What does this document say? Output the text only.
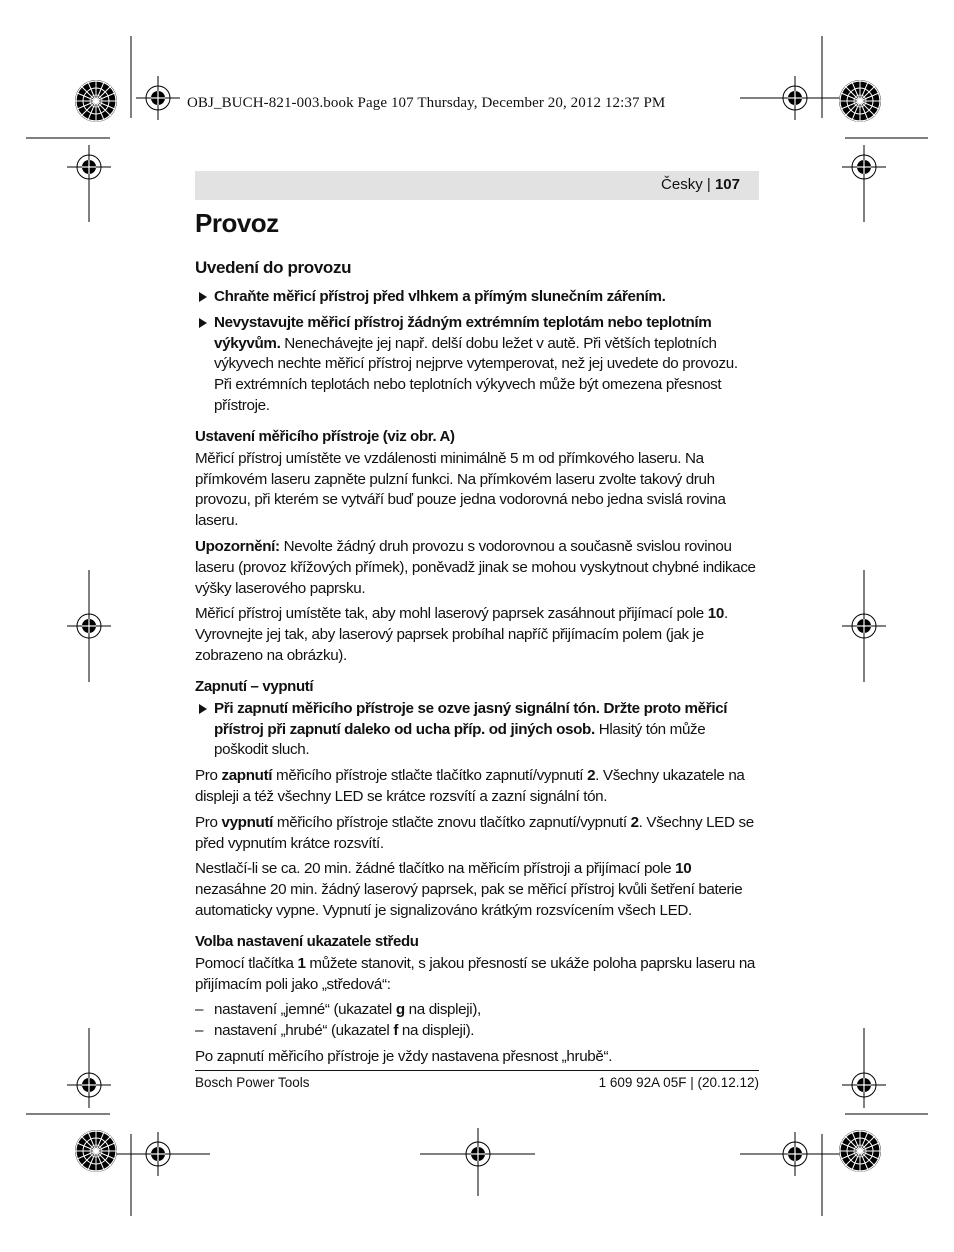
OBJ_BUCH-821-003.book Page 107 Thursday, December 20, 2012 12:37 PM
Česky | 107
Provoz
Uvedení do provozu
Chraňte měřicí přístroj před vlhkem a přímým slunečním zářením.
Nevystavujte měřicí přístroj žádným extrémním teplotám nebo teplotním výkyvům. Nenechávejte jej např. delší dobu ležet v autě. Při větších teplotních výkyvech nechte měřicí přístroj nejprve vytemperovat, než jej uvedete do provozu. Při extrémních teplotách nebo teplotních výkyvech může být omezena přesnost přístroje.
Ustavení měřicího přístroje (viz obr. A)

Měřicí přístroj umístěte ve vzdálenosti minimálně 5 m od přímkového laseru. Na přímkovém laseru zapněte pulzní funkci. Na přímkovém laseru zvolte takový druh provozu, při kterém se vytváří buď pouze jedna vodorovná nebo jedna svislá rovina laseru.

Upozornění: Nevolte žádný druh provozu s vodorovnou a současně svislou rovinou laseru (provoz křížových přímek), poněvadž jinak se mohou vyskytnout chybné indikace výšky laserového paprsku.

Měřicí přístroj umístěte tak, aby mohl laserový paprsek zasáhnout přijímací pole 10. Vyrovnejte jej tak, aby laserový paprsek probíhal napříč přijímacím polem (jak je zobrazeno na obrázku).

Zapnutí – vypnutí
Při zapnutí měřicího přístroje se ozve jasný signální tón. Držte proto měřicí přístroj při zapnutí daleko od ucha příp. od jiných osob. Hlasitý tón může poškodit sluch.

Pro zapnutí měřicího přístroje stlačte tlačítko zapnutí/vypnutí 2. Všechny ukazatele na displeji a též všechny LED se krátce rozsvítí a zazní signální tón.

Pro vypnutí měřicího přístroje stlačte znovu tlačítko zapnutí/vypnutí 2. Všechny LED se před vypnutím krátce rozsvítí.

Nestlačí-li se ca. 20 min. žádné tlačítko na měřicím přístroji a přijímací pole 10 nezasáhne 20 min. žádný laserový paprsek, pak se měřicí přístroj kvůli šetření baterie automaticky vypne. Vypnutí je signalizováno krátkým rozsvícením všech LED.

Volba nastavení ukazatele středu

Pomocí tlačítka 1 můžete stanovit, s jakou přesností se ukáže poloha paprsku laseru na přijímacím poli jako „středová“:

– nastavení „jemné“ (ukazatel g na displeji),
– nastavení „hrubé“ (ukazatel f na displeji).

Po zapnutí měřicího přístroje je vždy nastavena přesnost „hrubě“.

Bosch Power Tools	1 609 92A 05F | (20.12.12)
